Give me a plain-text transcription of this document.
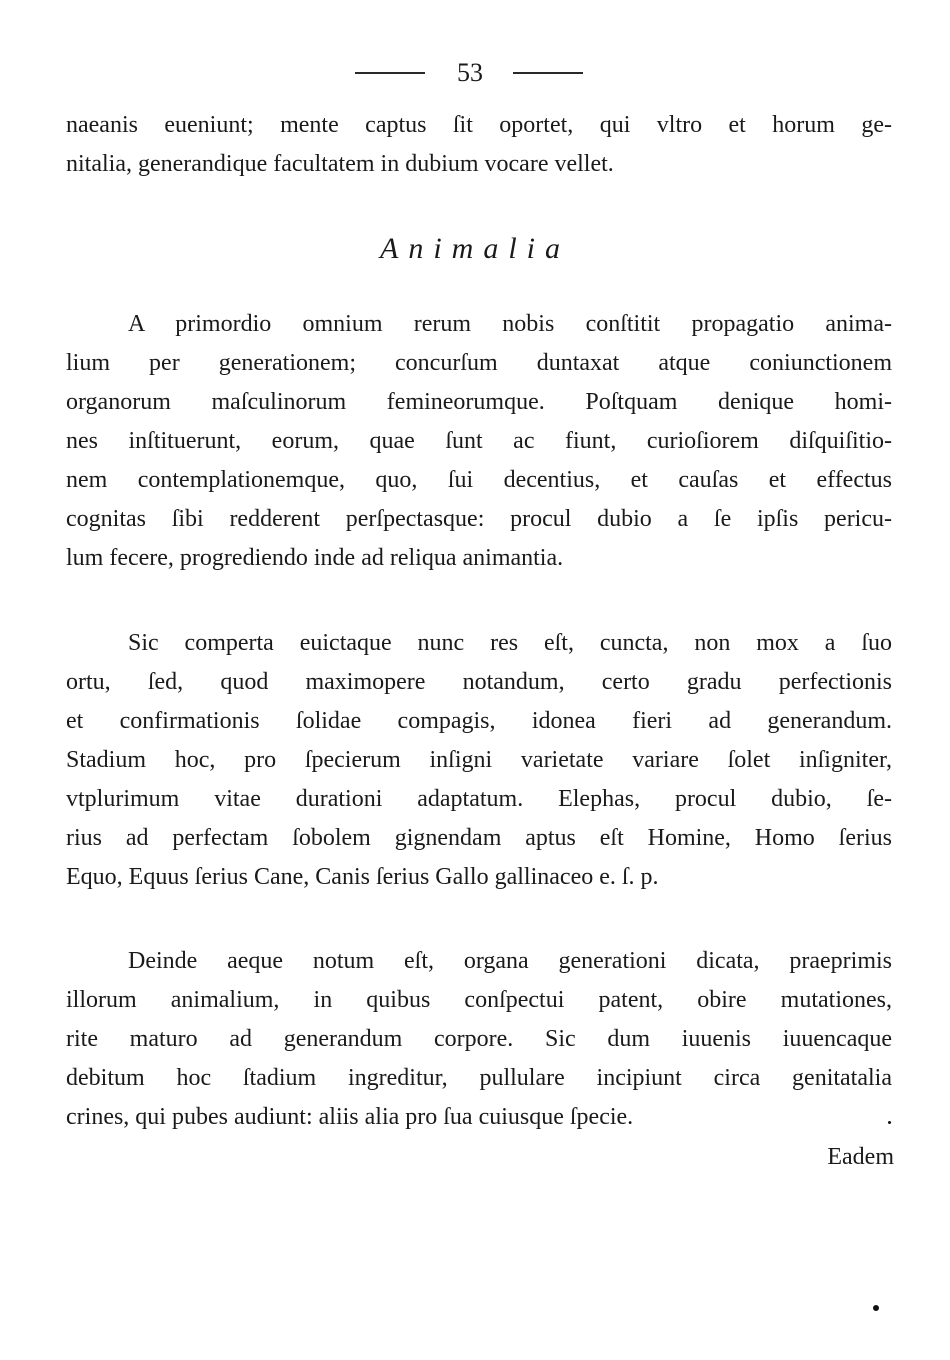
53
naeanis eueniunt; mente captus ſit oportet, qui vltro et horum ge-
nitalia, generandique facultatem in dubium vocare vellet.
Animalia
A primordio omnium rerum nobis conſtitit propagatio anima-
lium per generationem; concurſum duntaxat atque coniunctionem
organorum maſculinorum femineorumque. Poſtquam denique homi-
nes inſtituerunt, eorum, quae ſunt ac fiunt, curioſiorem diſquiſitio-
nem contemplationemque, quo, ſui decentius, et cauſas et effectus
cognitas ſibi redderent perſpectasque: procul dubio a ſe ipſis pericu-
lum fecere, progrediendo inde ad reliqua animantia.
Sic comperta euictaque nunc res eſt, cuncta, non mox a ſuo
ortu, ſed, quod maximopere notandum, certo gradu perfectionis
et confirmationis ſolidae compagis, idonea fieri ad generandum.
Stadium hoc, pro ſpecierum inſigni varietate variare ſolet inſigniter,
vtplurimum vitae durationi adaptatum. Elephas, procul dubio, ſe-
rius ad perfectam ſobolem gignendam aptus eſt Homine, Homo ſerius
Equo, Equus ſerius Cane, Canis ſerius Gallo gallinaceo e. ſ. p.
Deinde aeque notum eſt, organa generationi dicata, praeprimis
illorum animalium, in quibus conſpectui patent, obire mutationes,
rite maturo ad generandum corpore. Sic dum iuuenis iuuencaque
debitum hoc ſtadium ingreditur, pullulare incipiunt circa genitatalia
crines, qui pubes audiunt: aliis alia pro ſua cuiusque ſpecie.
Eadem
